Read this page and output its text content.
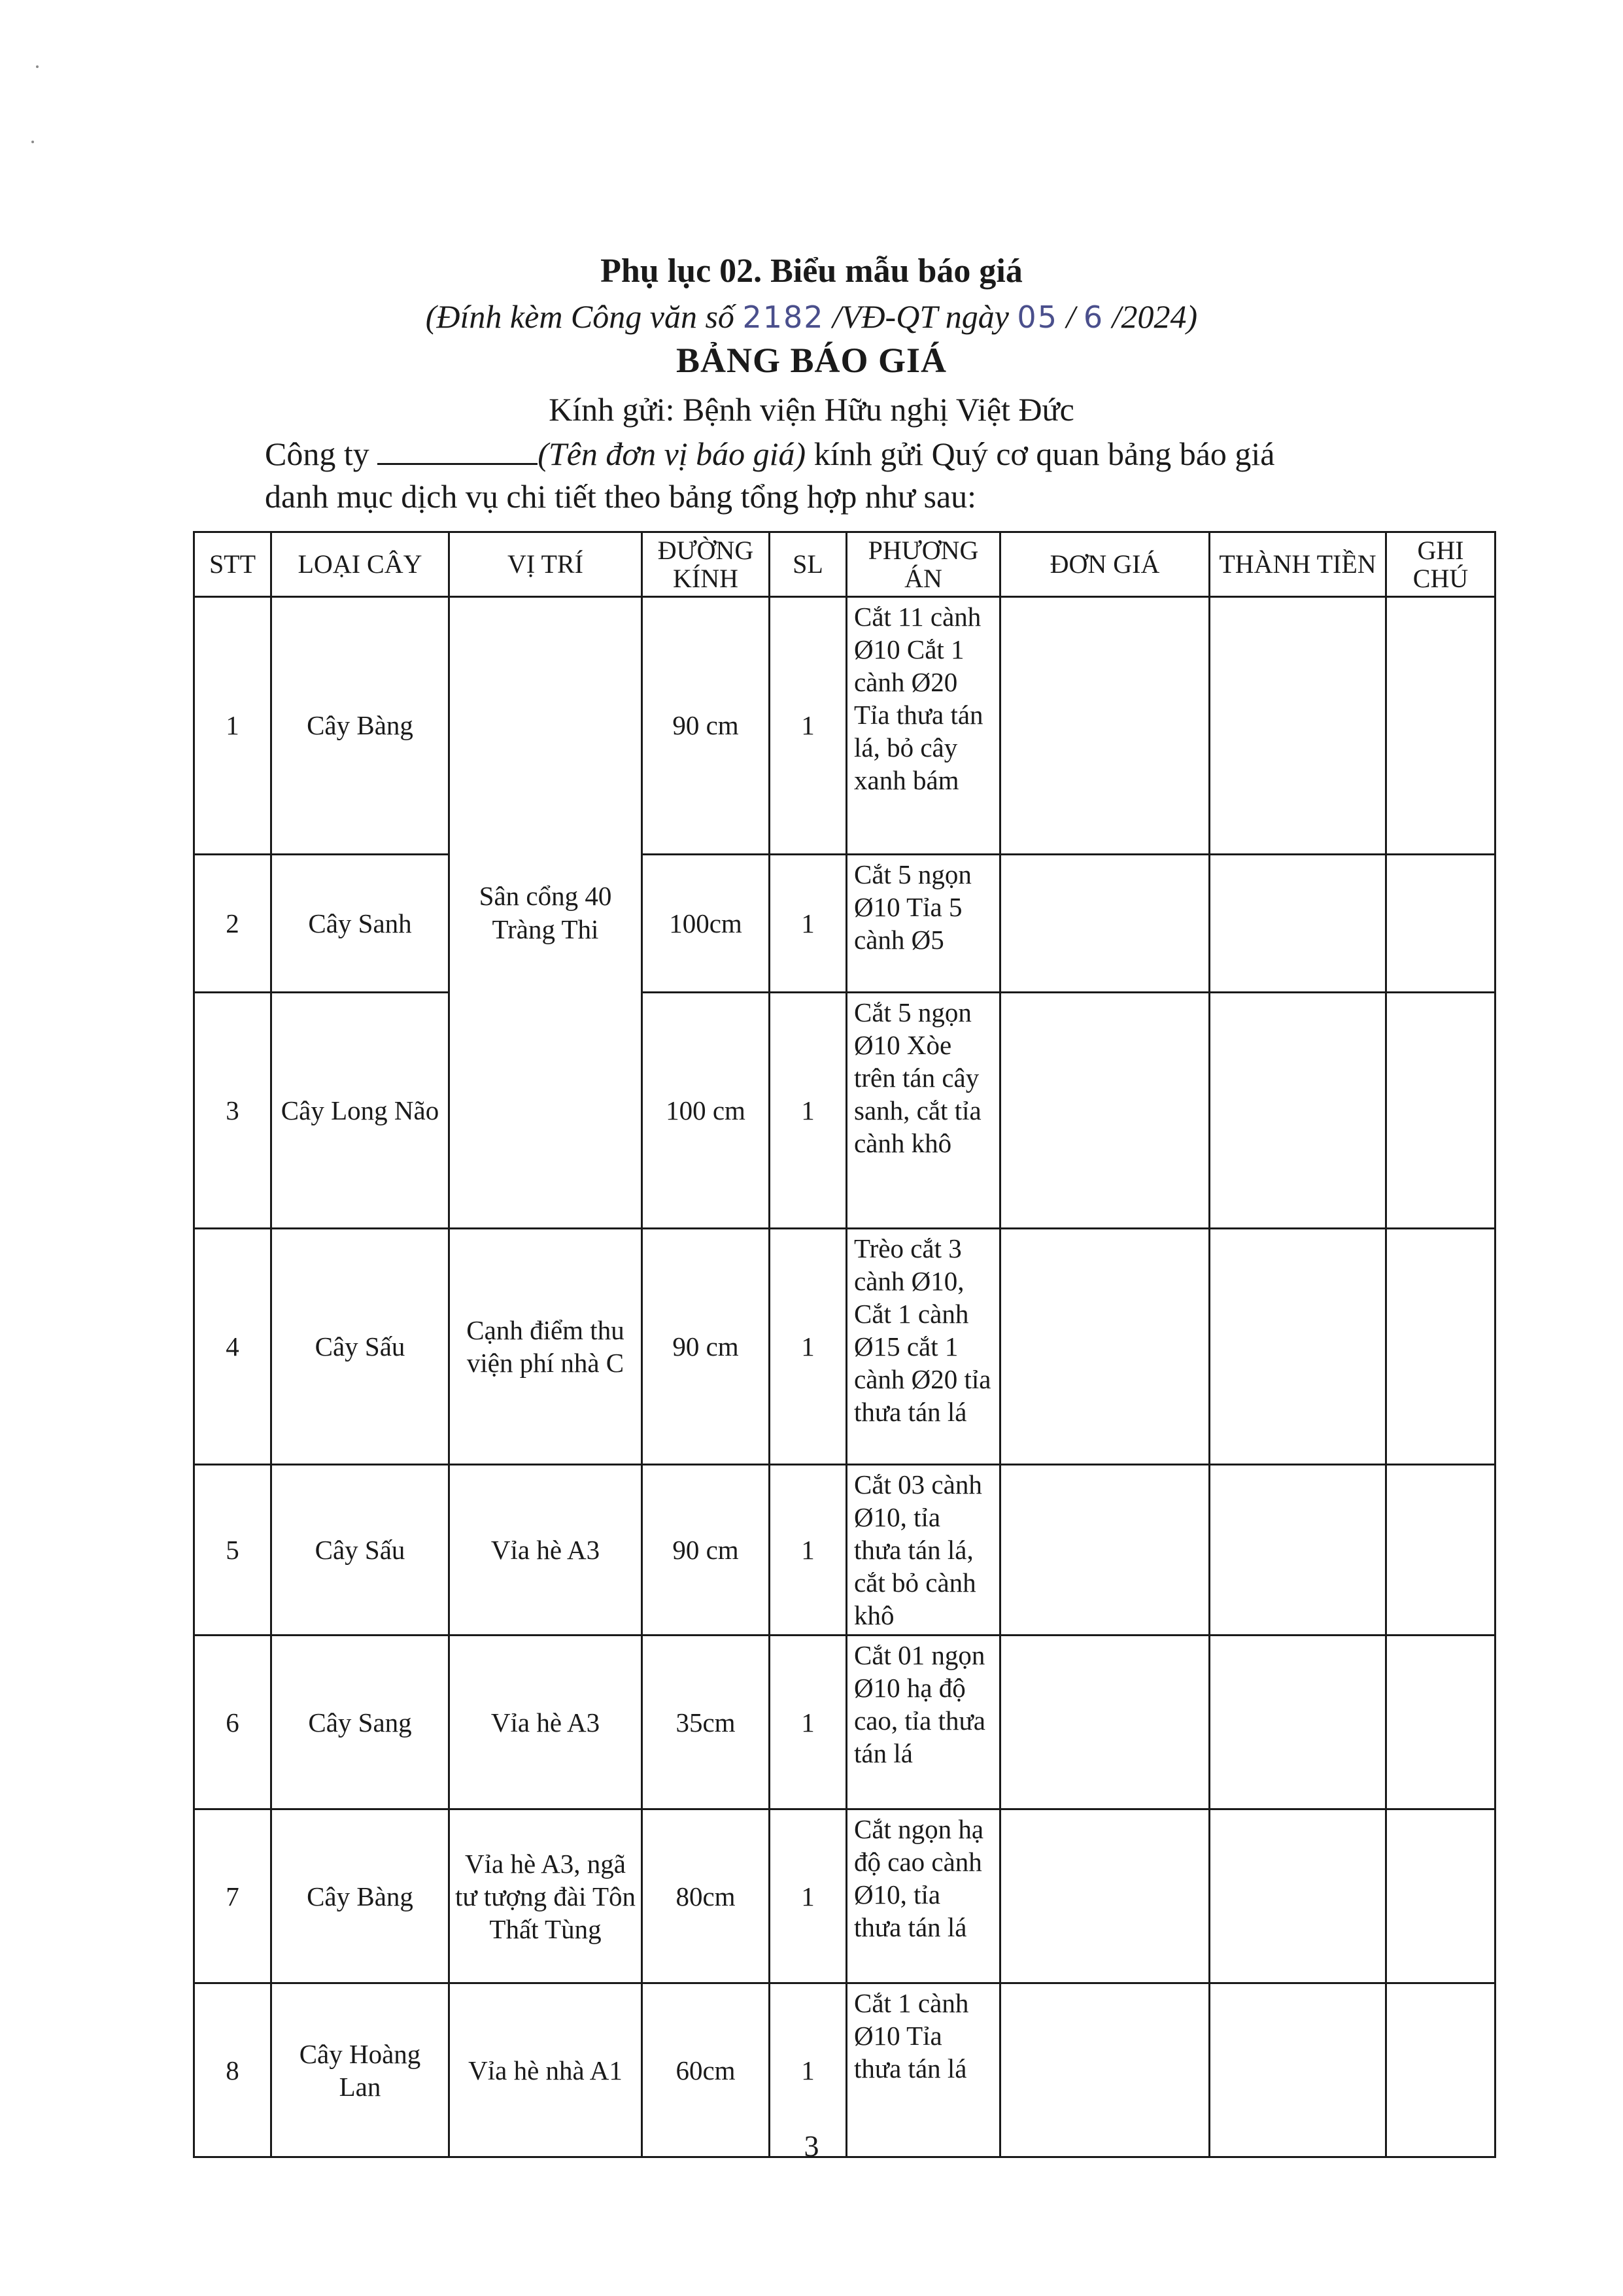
Phụ lục 02. Biểu mẫu báo giá
(Đính kèm Công văn số 2182 /VĐ-QT ngày 05 / 6 /2024)
BẢNG BÁO GIÁ
Kính gửi: Bệnh viện Hữu nghị Việt Đức
Công ty	(Tên đơn vị báo giá) kính gửi Quý cơ quan bảng báo giá
danh mục dịch vụ chi tiết theo bảng tổng hợp như sau:
STT	LOẠI CÂY	VỊ TRÍ	ĐƯỜNG KÍNH	SL	PHƯƠNG ÁN	ĐƠN GIÁ	THÀNH TIỀN	GHI CHÚ
1	Cây Bàng	Sân cổng 40 Tràng Thi	90 cm	1	Cắt 11 cành Ø10 Cắt 1 cành Ø20 Tỉa thưa tán lá, bỏ cây xanh bám			
2	Cây Sanh		100cm	1	Cắt 5 ngọn Ø10 Tỉa 5 cành Ø5			
3	Cây Long Não		100 cm	1	Cắt 5 ngọn Ø10 Xòe trên tán cây sanh, cắt tỉa cành khô			
4	Cây Sấu	Cạnh điểm thu viện phí nhà C	90 cm	1	Trèo cắt 3 cành Ø10, Cắt 1 cành Ø15 cắt 1 cành Ø20 tỉa thưa tán lá			
5	Cây Sấu	Vỉa hè A3	90 cm	1	Cắt 03 cành Ø10, tỉa thưa tán lá, cắt bỏ cành khô			
6	Cây Sang	Vỉa hè A3	35cm	1	Cắt 01 ngọn Ø10 hạ độ cao, tỉa thưa tán lá			
7	Cây Bàng	Vỉa hè A3, ngã tư tượng đài Tôn Thất Tùng	80cm	1	Cắt ngọn hạ độ cao cành Ø10, tỉa thưa tán lá			
8	Cây Hoàng Lan	Vỉa hè nhà A1	60cm	1	Cắt 1 cành Ø10 Tỉa thưa tán lá			
3
